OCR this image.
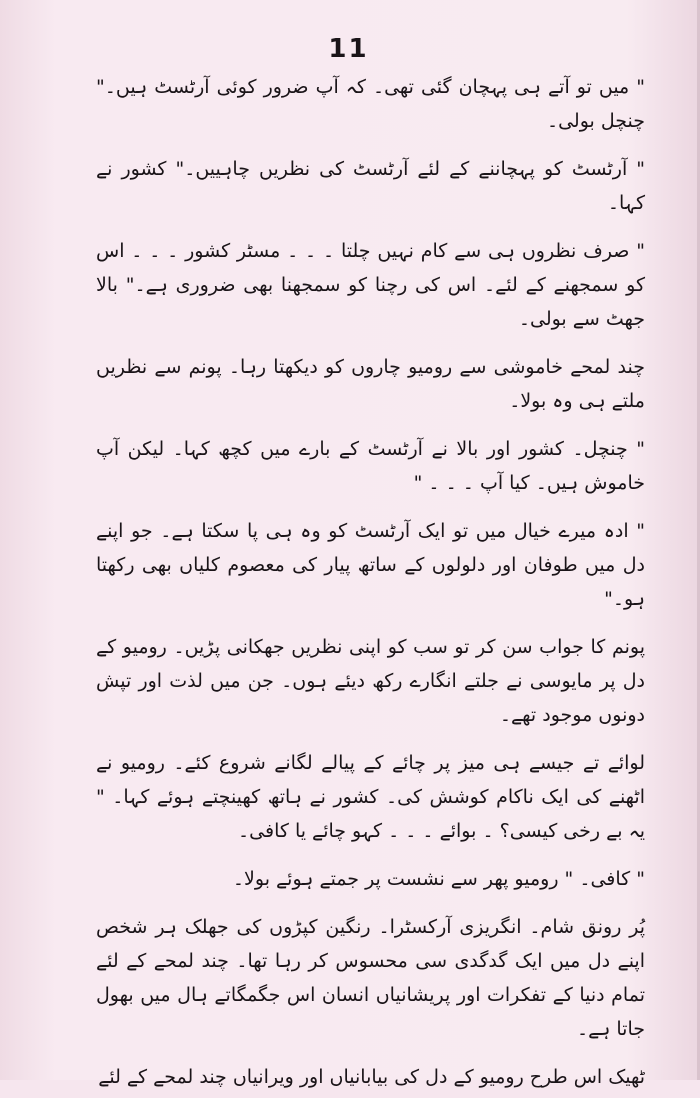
11

" میں تو آتے ہی پہچان گئی تھی۔ کہ آپ ضرور کوئی آرٹسٹ ہیں۔" چنچل بولی۔

" آرٹسٹ کو پہچاننے کے لئے آرٹسٹ کی نظریں چاہییں۔" کشور نے کہا۔

" صرف نظروں ہی سے کام نہیں چلتا ۔ ۔ ۔ مسٹر کشور ۔ ۔ ۔ اس کو سمجھنے کے لئے۔ اس کی رچنا کو سمجھنا بھی ضروری ہے۔" بالا جھٹ سے بولی۔

چند لمحے خاموشی سے رومیو چاروں کو دیکھتا رہا۔ پونم سے نظریں ملتے ہی وہ بولا۔

" چنچل۔ کشور اور بالا نے آرٹسٹ کے بارے میں کچھ کہا۔ لیکن آپ خاموش ہیں۔ کیا آپ ۔ ۔ ۔ "

" ادہ میرے خیال میں تو ایک آرٹسٹ کو وہ ہی پا سکتا ہے۔ جو اپنے دل میں طوفان اور دلولوں کے ساتھ پیار کی معصوم کلیاں بھی رکھتا ہو۔"

پونم کا جواب سن کر تو سب کو اپنی نظریں جھکانی پڑیں۔ رومیو کے دل پر مایوسی نے جلتے انگارے رکھ دیئے ہوں۔ جن میں لذت اور تپش دونوں موجود تھے۔

لوائے تے جیسے ہی میز پر چائے کے پیالے لگانے شروع کئے۔ رومیو نے اٹھنے کی ایک ناکام کوشش کی۔ کشور نے ہاتھ کھینچتے ہوئے کہا۔ " یہ بے رخی کیسی؟ ۔ بوائے ۔ ۔ ۔ کہو چائے یا کافی۔

" کافی۔ " رومیو پھر سے نشست پر جمتے ہوئے بولا۔

پُر رونق شام۔ انگریزی آرکسٹرا۔ رنگین کپڑوں کی جھلک ہر شخص اپنے دل میں ایک گدگدی سی محسوس کر رہا تھا۔ چند لمحے کے لئے تمام دنیا کے تفکرات اور پریشانیاں انسان اس جگمگاتے ہال میں بھول جاتا ہے۔

ٹھیک اس طرح رومیو کے دل کی بیابانیاں اور ویرانیاں چند لمحے کے لئے
